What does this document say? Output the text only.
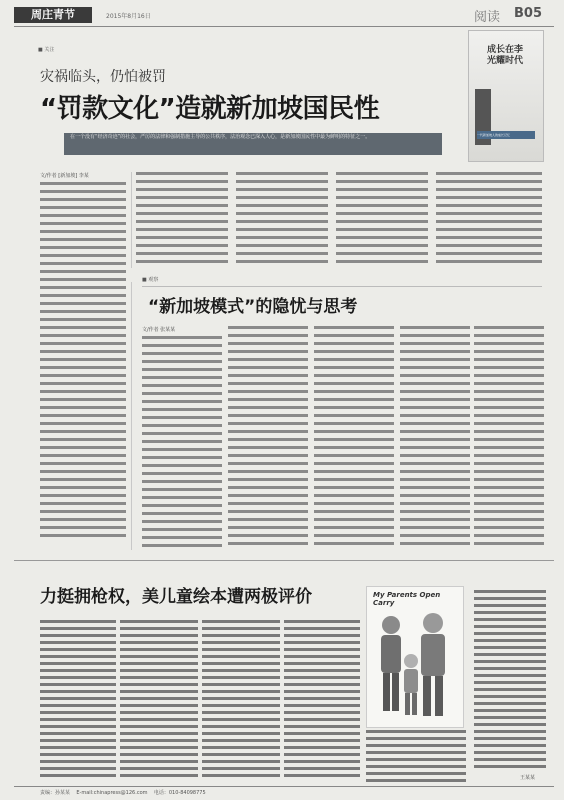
周庄青节	2015年8月16日	阅读 B05
■ 关注
灾祸临头，仍怕被罚
“罚款文化”造就新加坡国民性
在一个没有“经济奇迹”的社会，严厉的法律和强制措施主导的公共秩序，法治观念已深入人心，是新加坡国民性中最为鲜明的特征之一。
成长在李光耀时代
一代新加坡人的成长记忆
文/作者 [新加坡] 李某
■ 观察
“新加坡模式”的隐忧与思考
文/作者 张某某
力挺拥枪权，美儿童绘本遭两极评价	My Parents Open Carry
王某某
责编：孙某某 E-mail:chinapress@126.com 电话：010-84098775
